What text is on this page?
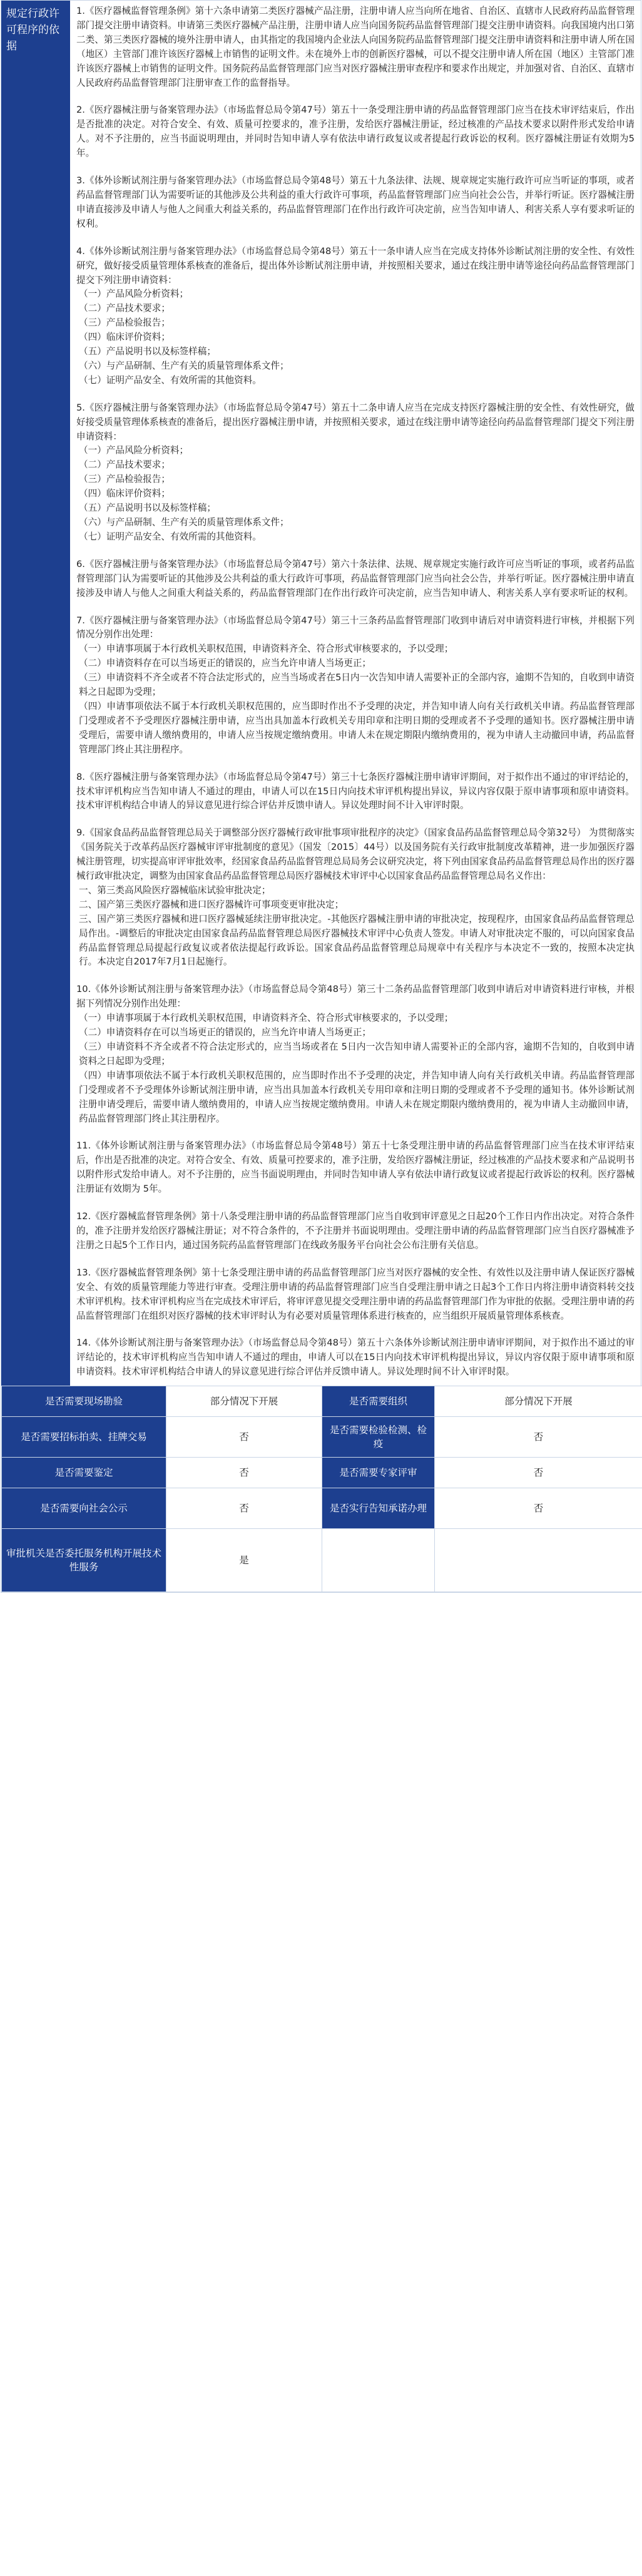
规定行政许可程序的依据
1.《医疗器械监督管理条例》第十六条申请第二类医疗器械产品注册，注册申请人应当向所在地省、自治区、直辖市人民政府药品监督管理部门提交注册申请资料。申请第三类医疗器械产品注册，注册申请人应当向国务院药品监督管理部门提交注册申请资料。向我国境内出口第二类、第三类医疗器械的境外注册申请人，由其指定的我国境内企业法人向国务院药品监督管理部门提交注册申请资料和注册申请人所在国（地区）主管部门准许该医疗器械上市销售的证明文件。未在境外上市的创新医疗器械，可以不提交注册申请人所在国（地区）主管部门准许该医疗器械上市销售的证明文件。国务院药品监督管理部门应当对医疗器械注册审查程序和要求作出规定，并加强对省、自治区、直辖市人民政府药品监督管理部门注册审查工作的监督指导。
2.《医疗器械注册与备案管理办法》（市场监督总局令第47号）第五十一条受理注册申请的药品监督管理部门应当在技术审评结束后，作出是否批准的决定。对符合安全、有效、质量可控要求的，准予注册，发给医疗器械注册证，经过核准的产品技术要求以附件形式发给申请人。对不予注册的，应当书面说明理由，并同时告知申请人享有依法申请行政复议或者提起行政诉讼的权利。医疗器械注册证有效期为5年。
3.《体外诊断试剂注册与备案管理办法》（市场监督总局令第48号）第五十九条法律、法规、规章规定实施行政许可应当听证的事项，或者药品监督管理部门认为需要听证的其他涉及公共利益的重大行政许可事项，药品监督管理部门应当向社会公告，并举行听证。医疗器械注册申请直接涉及申请人与他人之间重大利益关系的，药品监督管理部门在作出行政许可决定前，应当告知申请人、利害关系人享有要求听证的权利。
4.《体外诊断试剂注册与备案管理办法》（市场监督总局令第48号）第五十一条申请人应当在完成支持体外诊断试剂注册的安全性、有效性研究，做好接受质量管理体系核查的准备后，提出体外诊断试剂注册申请，并按照相关要求，通过在线注册申请等途径向药品监督管理部门提交下列注册申请资料：
（一）产品风险分析资料；
（二）产品技术要求；
（三）产品检验报告；
（四）临床评价资料；
（五）产品说明书以及标签样稿；
（六）与产品研制、生产有关的质量管理体系文件；
（七）证明产品安全、有效所需的其他资料。
5.《医疗器械注册与备案管理办法》（市场监督总局令第47号）第五十二条申请人应当在完成支持医疗器械注册的安全性、有效性研究，做好接受质量管理体系核查的准备后，提出医疗器械注册申请，并按照相关要求，通过在线注册申请等途径向药品监督管理部门提交下列注册申请资料：
（一）产品风险分析资料；
（二）产品技术要求；
（三）产品检验报告；
（四）临床评价资料；
（五）产品说明书以及标签样稿；
（六）与产品研制、生产有关的质量管理体系文件；
（七）证明产品安全、有效所需的其他资料。
6.《医疗器械注册与备案管理办法》（市场监督总局令第47号）第六十条法律、法规、规章规定实施行政许可应当听证的事项，或者药品监督管理部门认为需要听证的其他涉及公共利益的重大行政许可事项，药品监督管理部门应当向社会公告，并举行听证。医疗器械注册申请直接涉及申请人与他人之间重大利益关系的，药品监督管理部门在作出行政许可决定前，应当告知申请人、利害关系人享有要求听证的权利。
7.《医疗器械注册与备案管理办法》（市场监督总局令第47号）第三十三条药品监督管理部门收到申请后对申请资料进行审核，并根据下列情况分别作出处理：
（一）申请事项属于本行政机关职权范围，申请资料齐全、符合形式审核要求的，予以受理；
（二）申请资料存在可以当场更正的错误的，应当允许申请人当场更正；
（三）申请资料不齐全或者不符合法定形式的，应当当场或者在5日内一次告知申请人需要补正的全部内容，逾期不告知的，自收到申请资料之日起即为受理；
（四）申请事项依法不属于本行政机关职权范围的，应当即时作出不予受理的决定，并告知申请人向有关行政机关申请。药品监督管理部门受理或者不予受理医疗器械注册申请，应当出具加盖本行政机关专用印章和注明日期的受理或者不予受理的通知书。医疗器械注册申请受理后，需要申请人缴纳费用的，申请人应当按规定缴纳费用。申请人未在规定期限内缴纳费用的，视为申请人主动撤回申请，药品监督管理部门终止其注册程序。
8.《医疗器械注册与备案管理办法》（市场监督总局令第47号）第三十七条医疗器械注册申请审评期间，对于拟作出不通过的审评结论的，技术审评机构应当告知申请人不通过的理由，申请人可以在15日内向技术审评机构提出异议，异议内容仅限于原申请事项和原申请资料。技术审评机构结合申请人的异议意见进行综合评估并反馈申请人。异议处理时间不计入审评时限。
9.《国家食品药品监督管理总局关于调整部分医疗器械行政审批事项审批程序的决定》（国家食品药品监督管理总局令第32号） 为贯彻落实《国务院关于改革药品医疗器械审评审批制度的意见》（国发〔2015〕44号）以及国务院有关行政审批制度改革精神，进一步加强医疗器械注册管理，切实提高审评审批效率，经国家食品药品监督管理总局局务会议研究决定，将下列由国家食品药品监督管理总局作出的医疗器械行政审批决定，调整为由国家食品药品监督管理总局医疗器械技术审评中心以国家食品药品监督管理总局名义作出：
一、第三类高风险医疗器械临床试验审批决定；
二、国产第三类医疗器械和进口医疗器械许可事项变更审批决定；
三、国产第三类医疗器械和进口医疗器械延续注册审批决定。-其他医疗器械注册申请的审批决定，按现程序，由国家食品药品监督管理总局作出。-调整后的审批决定由国家食品药品监督管理总局医疗器械技术审评中心负责人签发。申请人对审批决定不服的，可以向国家食品药品监督管理总局提起行政复议或者依法提起行政诉讼。国家食品药品监督管理总局规章中有关程序与本决定不一致的，按照本决定执行。本决定自2017年7月1日起施行。
10.《体外诊断试剂注册与备案管理办法》（市场监督总局令第48号）第三十二条药品监督管理部门收到申请后对申请资料进行审核，并根据下列情况分别作出处理：
（一）申请事项属于本行政机关职权范围，申请资料齐全、符合形式审核要求的，予以受理；
（二）申请资料存在可以当场更正的错误的，应当允许申请人当场更正；
（三）申请资料不齐全或者不符合法定形式的，应当当场或者在 5日内一次告知申请人需要补正的全部内容，逾期不告知的，自收到申请资料之日起即为受理；
（四）申请事项依法不属于本行政机关职权范围的，应当即时作出不予受理的决定，并告知申请人向有关行政机关申请。药品监督管理部门受理或者不予受理体外诊断试剂注册申请，应当出具加盖本行政机关专用印章和注明日期的受理或者不予受理的通知书。体外诊断试剂注册申请受理后，需要申请人缴纳费用的，申请人应当按规定缴纳费用。申请人未在规定期限内缴纳费用的，视为申请人主动撤回申请，药品监督管理部门终止其注册程序。
11.《体外诊断试剂注册与备案管理办法》（市场监督总局令第48号）第五十七条受理注册申请的药品监督管理部门应当在技术审评结束后，作出是否批准的决定。对符合安全、有效、质量可控要求的，准予注册，发给医疗器械注册证，经过核准的产品技术要求和产品说明书以附件形式发给申请人。对不予注册的，应当书面说明理由，并同时告知申请人享有依法申请行政复议或者提起行政诉讼的权利。医疗器械注册证有效期为 5年。
12.《医疗器械监督管理条例》第十八条受理注册申请的药品监督管理部门应当自收到审评意见之日起20个工作日内作出决定。对符合条件的，准予注册并发给医疗器械注册证；对不符合条件的，不予注册并书面说明理由。受理注册申请的药品监督管理部门应当自医疗器械准予注册之日起5个工作日内，通过国务院药品监督管理部门在线政务服务平台向社会公布注册有关信息。
13.《医疗器械监督管理条例》第十七条受理注册申请的药品监督管理部门应当对医疗器械的安全性、有效性以及注册申请人保证医疗器械安全、有效的质量管理能力等进行审查。受理注册申请的药品监督管理部门应当自受理注册申请之日起3个工作日内将注册申请资料转交技术审评机构。技术审评机构应当在完成技术审评后，将审评意见提交受理注册申请的药品监督管理部门作为审批的依据。受理注册申请的药品监督管理部门在组织对医疗器械的技术审评时认为有必要对质量管理体系进行核查的，应当组织开展质量管理体系核查。
14.《体外诊断试剂注册与备案管理办法》（市场监督总局令第48号）第五十六条体外诊断试剂注册申请审评期间，对于拟作出不通过的审评结论的，技术审评机构应当告知申请人不通过的理由，申请人可以在15日内向技术审评机构提出异议，异议内容仅限于原申请事项和原申请资料。技术审评机构结合申请人的异议意见进行综合评估并反馈申请人。异议处理时间不计入审评时限。
是否需要现场勘验	部分情况下开展	是否需要组织	部分情况下开展
是否需要招标拍卖、挂牌交易	否	是否需要检验检测、检疫	否
是否需要鉴定	否	是否需要专家评审	否
是否需要向社会公示	否	是否实行告知承诺办理	否
审批机关是否委托服务机构开展技术性服务	是		
